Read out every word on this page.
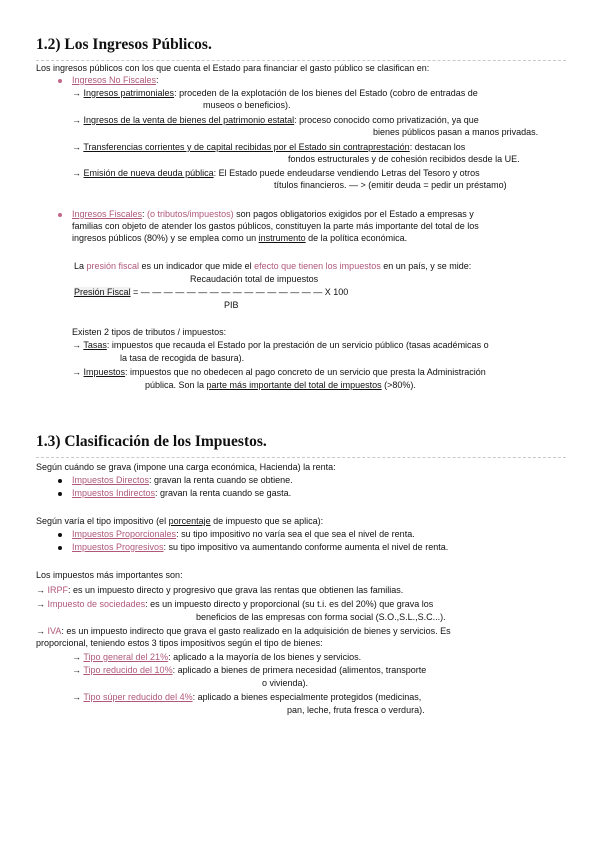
1.2) Los Ingresos Públicos.
Los ingresos públicos con los que cuenta el Estado para financiar el gasto público se clasifican en:
Ingresos No Fiscales:
→ Ingresos patrimoniales: proceden de la explotación de los bienes del Estado (cobro de entradas de
museos o beneficios).
→ Ingresos de la venta de bienes del patrimonio estatal: proceso conocido como privatización, ya que
bienes públicos pasan a manos privadas.
→ Transferencias corrientes y de capital recibidas por el Estado sin contraprestación: destacan los
fondos estructurales y de cohesión recibidos desde la UE.
→ Emisión de nueva deuda pública: El Estado puede endeudarse vendiendo Letras del Tesoro y otros
títulos financieros. — > (emitir deuda = pedir un préstamo)
Ingresos Fiscales: (o tributos/impuestos) son pagos obligatorios exigidos por el Estado a empresas y
familias con objeto de atender los gastos públicos, constituyen la parte más importante del total de los
ingresos públicos (80%) y se emplea como un instrumento de la política económica.
La presión fiscal es un indicador que mide el efecto que tienen los impuestos en un país, y se mide:
Recaudación total de impuestos
Presión Fiscal = — — — — — — — — — — — — — — — — X 100
PIB
Existen 2 tipos de tributos / impuestos:
→ Tasas: impuestos que recauda el Estado por la prestación de un servicio público (tasas académicas o
la tasa de recogida de basura).
→ Impuestos: impuestos que no obedecen al pago concreto de un servicio que presta la Administración
pública. Son la parte más importante del total de impuestos (>80%).
1.3) Clasificación de los Impuestos.
Según cuándo se grava (impone una carga económica, Hacienda) la renta:
Impuestos Directos: gravan la renta cuando se obtiene.
Impuestos Indirectos: gravan la renta cuando se gasta.
Según varía el tipo impositivo (el porcentaje de impuesto que se aplica):
Impuestos Proporcionales: su tipo impositivo no varía sea el que sea el nivel de renta.
Impuestos Progresivos: su tipo impositivo va aumentando conforme aumenta el nivel de renta.
Los impuestos más importantes son:
→ IRPF: es un impuesto directo y progresivo que grava las rentas que obtienen las familias.
→ Impuesto de sociedades: es un impuesto directo y proporcional (su t.i. es del 20%) que grava los
beneficios de las empresas con forma social (S.O.,S.L.,S.C...).
→ IVA: es un impuesto indirecto que grava el gasto realizado en la adquisición de bienes y servicios. Es
proporcional, teniendo estos 3 tipos impositivos según el tipo de bienes:
→ Tipo general del 21%: aplicado a la mayoría de los bienes y servicios.
→ Tipo reducido del 10%: aplicado a bienes de primera necesidad (alimentos, transporte
o vivienda).
→ Tipo súper reducido del 4%: aplicado a bienes especialmente protegidos (medicinas,
pan, leche, fruta fresca o verdura).
